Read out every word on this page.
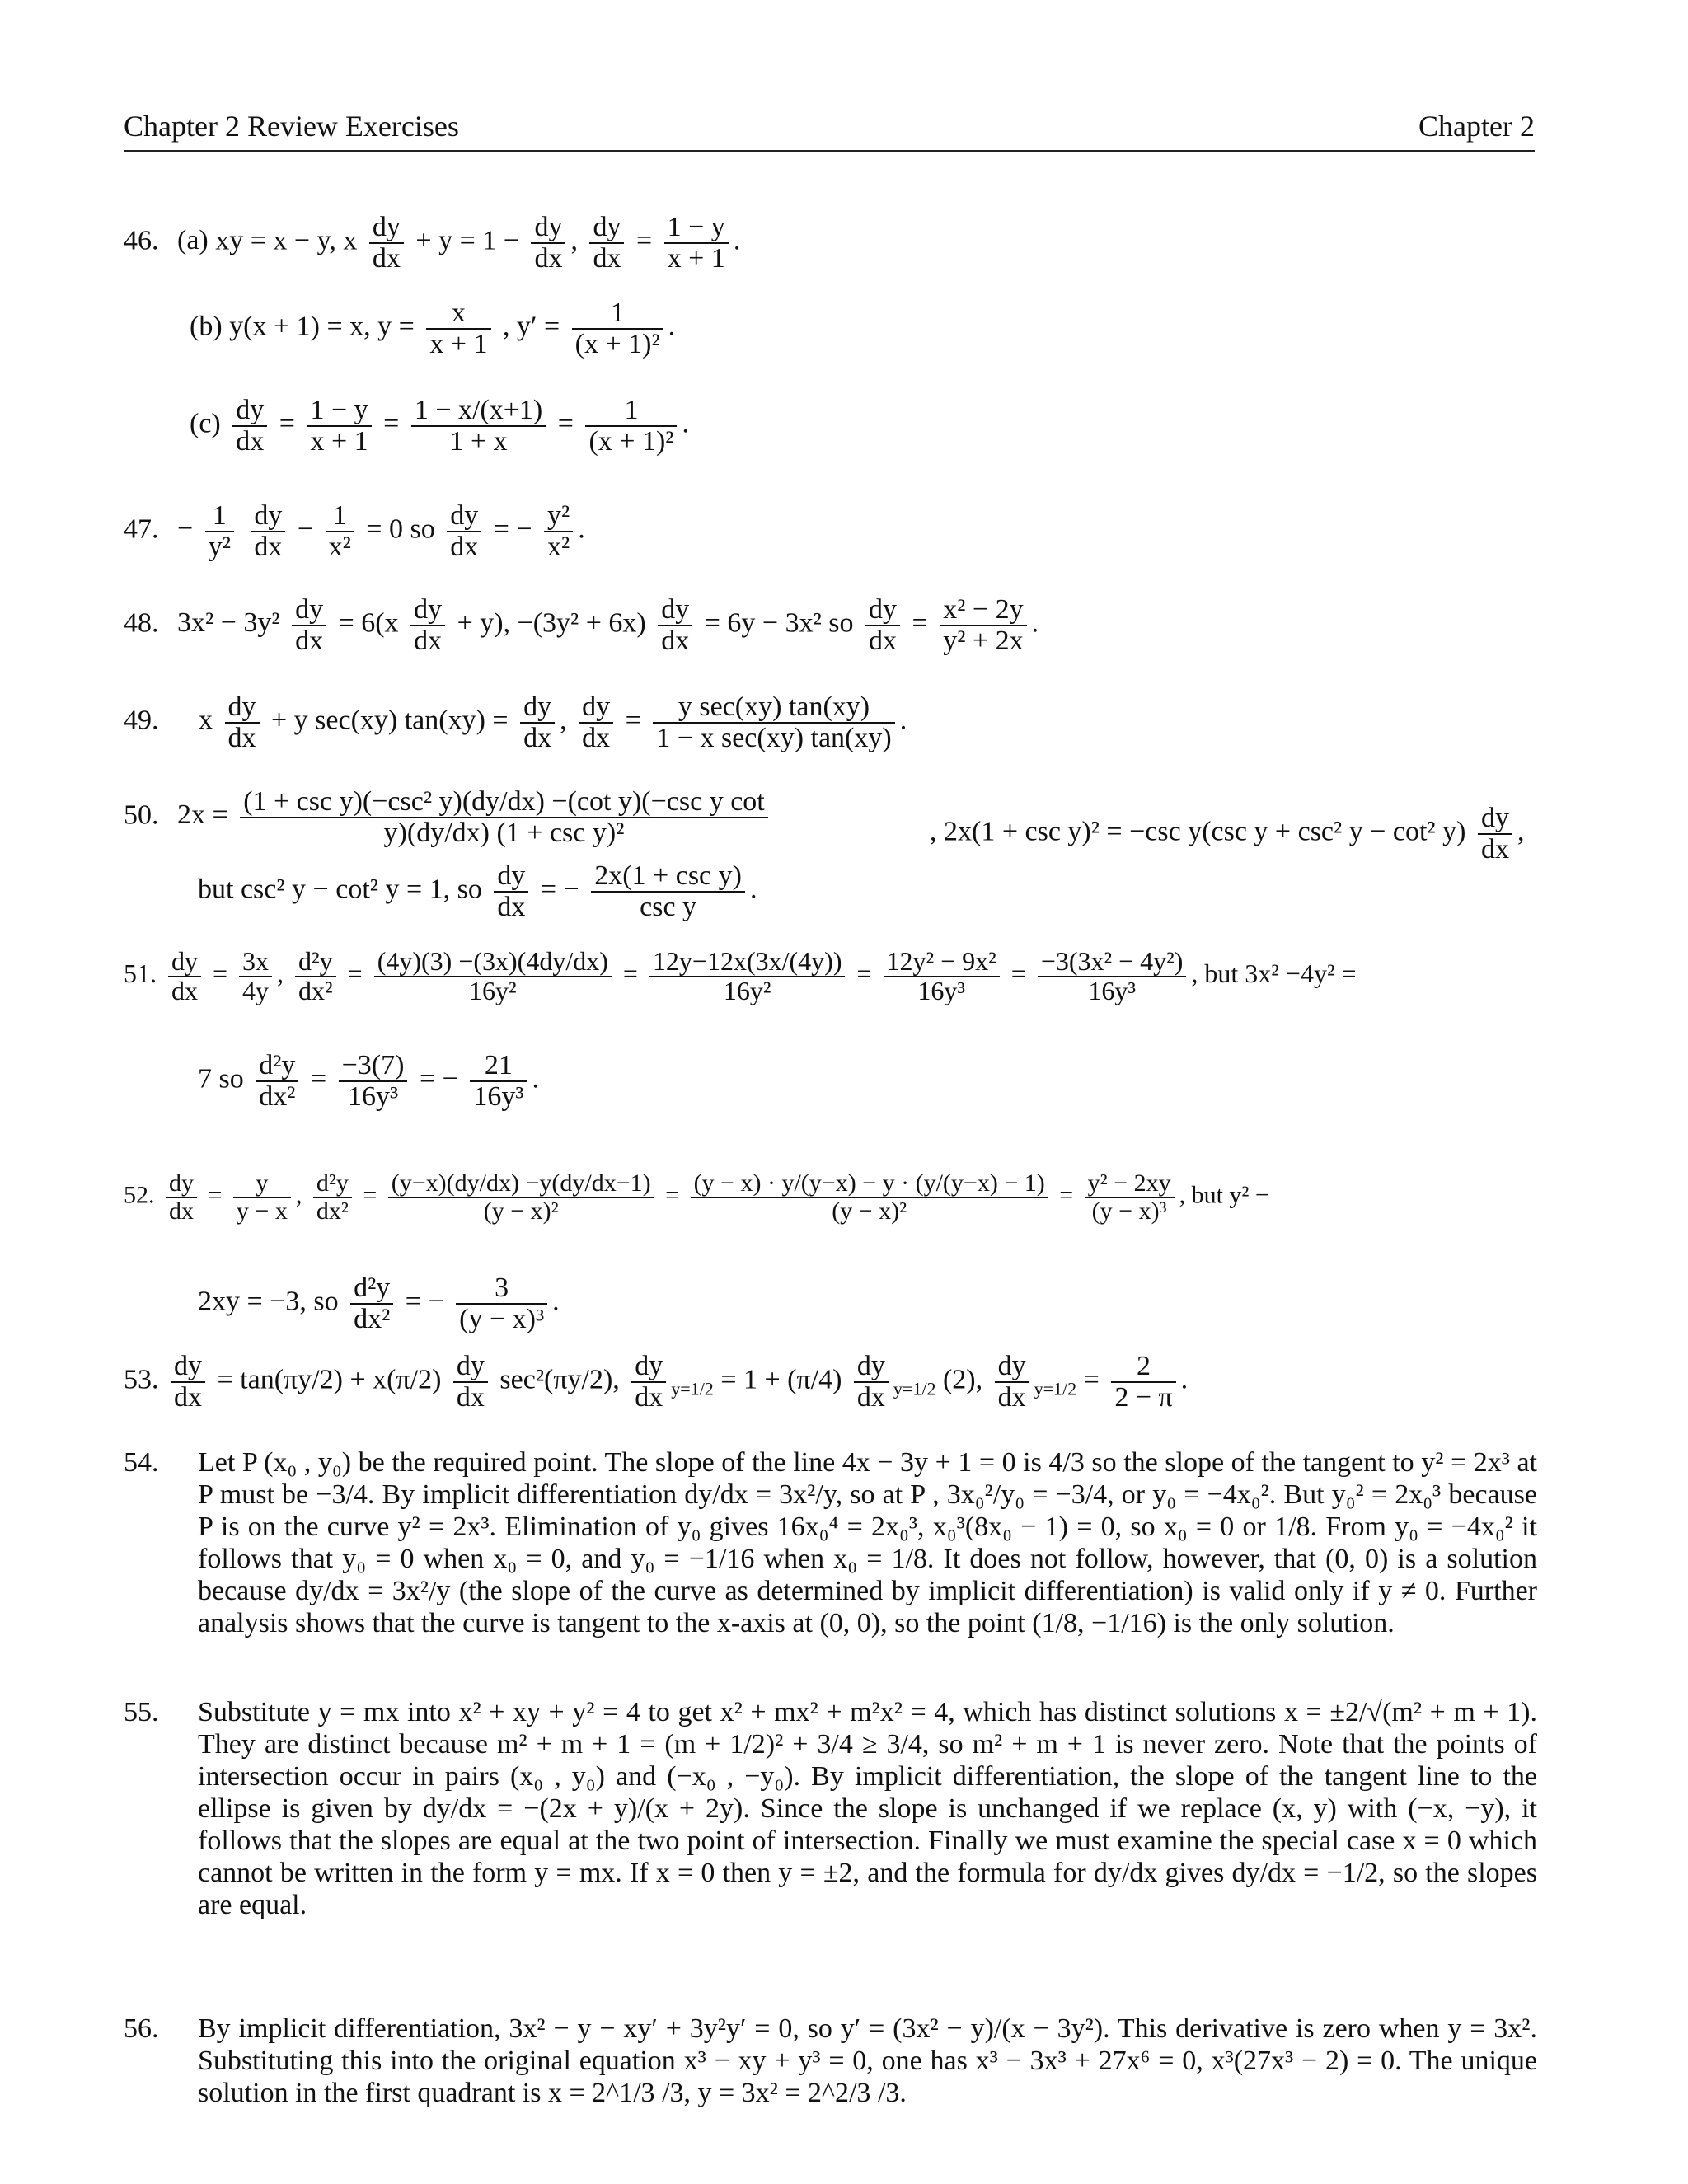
Chapter 2 Review Exercises	Chapter 2
46. (a) xy = x − y, x $\frac{dy}{dx} + y = 1 - \frac{dy}{dx}$ , $\frac{dy}{dx} = \frac{1 - y}{x + 1}$ .
(b) y(x + 1) = x, $y = \frac{x}{x + 1}$ , $y' = \frac{1}{\text{(x + 1)²}}$ .
$(c) \frac{dy}{dx} = \frac{1 - y}{x + 1} = \frac{1 - x/(x+1)}{1 + x} = \frac{1}{\text{(x + 1)²}}$ .
47. − $\frac{1}{\text{y²}}$
$\frac{dy}{dx} - \frac{1}{\text{x²}} = 0$ so $\frac{dy}{dx}$ = − $\frac{\text{y²}}{\text{x²}}$ .
48. $3x^2 - 3y^2 \frac{dy}{dx} = 6(x \frac{dy}{dx} + y)$, $-(3y^2 + 6x) \frac{dy}{dx} = 6y - 3x^2$ so $\frac{dy}{dx} = \frac{\text{x² − 2y}}{\text{y² + 2x}}$ .
49. x $\frac{dy}{dx} + y$ sec(xy) $\tan(xy) = \frac{dy}{dx}$ , $\frac{dy}{dx} = \frac{\text{y sec(xy) tan(xy)}}{\text{1 − x sec(xy) tan(xy)}}$ .
50. $2x = \frac{\text{(1 + csc y)(−csc² y)(dy/dx) −(cot y)(−csc y cot}}{\text{y)(dy/dx) (1 + csc y)²}}$	, 2x(1 + csc y)² = −csc y(csc y + csc² y − cot² $y) \frac{dy}{dx}$ ,
but csc² y − cot² y = 1, so $\frac{dy}{dx}$ = − $\frac{\text{2x(1 + csc y)}}{\text{csc y}}$ .
51. $\frac{dy}{dx} = \frac{3x}{4y}$ , $\frac{\text{d²y}}{\text{dx²}} = \frac{(4y)(3) -(3x)(4dy/dx)}{\text{16y²}} = \frac{12y-12x(3x/(4y))}{\text{16y²}} = \frac{\text{12y² − 9x²}}{\text{16y³}} = \frac{\text{−3(3x² − 4y²)}}{\text{16y³}}$ , but 3x² −4y² =
7 so $\frac{\text{d²y}}{\text{dx²}} = \frac{-3(7)}{\text{16y³}}$ = − $\frac{21}{\text{16y³}}$ .
52. $\frac{dy}{dx} = \frac{y}{y - x}$ , $\frac{\text{d²y}}{\text{dx²}} = \frac{(y-x)(dy/dx) -y(dy/dx-1)}{\text{(y − x)²}} = \frac{(y - x) \cdot y/(y-x) - y \cdot (y/(y-x) - 1)}{\text{(y − x)²}} = \frac{\text{y² − 2xy}}{\text{(y − x)³}}$ , but y² −
2xy = −3, so $\frac{\text{d²y}}{\text{dx²}}$ = − $\frac{3}{\text{(y − x)³}}$ .
53. $\frac{dy}{dx} = \tan(\pi y/2) + x(\pi/2) \frac{dy}{dx} \sec^2(\pi y/2)$, $\frac{dy}{dx} _{y=1/2} = 1 + (\pi/4) \frac{dy}{dx} _{y=1/2}$ (2), $\frac{dy}{dx} _{y=1/2} = \frac{2}{2 - \pi}$ .
54. Let P (x₀ , y₀) be the required point. The slope of the line 4x − 3y + 1 = 0 is 4/3 so the slope of the tangent to y² = 2x³ at P must be −3/4. By implicit differentiation dy/dx = 3x²/y, so at P , 3x₀²/y₀ = −3/4, or y₀ = −4x₀². But y₀² = 2x₀³ because P is on the curve y² = 2x³. Elimination of y₀ gives 16x₀⁴ = 2x₀³, x₀³(8x₀ − 1) = 0, so x₀ = 0 or 1/8. From y₀ = −4x₀² it follows that y₀ = 0 when x₀ = 0, and y₀ = −1/16 when x₀ = 1/8. It does not follow, however, that (0, 0) is a solution because dy/dx = 3x²/y (the slope of the curve as determined by implicit differentiation) is valid only if y ≠ 0. Further analysis shows that the curve is tangent to the x-axis at (0, 0), so the point (1/8, −1/16) is the only solution.
55. Substitute y = mx into x² + xy + y² = 4 to get x² + mx² + m²x² = 4, which has distinct solutions x = ±2/√(m² + m + 1). They are distinct because m² + m + 1 = (m + 1/2)² + 3/4 ≥ 3/4, so m² + m + 1 is never zero. Note that the points of intersection occur in pairs (x₀ , y₀) and (−x₀ , −y₀). By implicit differentiation, the slope of the tangent line to the ellipse is given by dy/dx = −(2x + y)/(x + 2y). Since the slope is unchanged if we replace (x, y) with (−x, −y), it follows that the slopes are equal at the two point of intersection. Finally we must examine the special case x = 0 which cannot be written in the form y = mx. If x = 0 then y = ±2, and the formula for dy/dx gives dy/dx = −1/2, so the slopes are equal.
56. By implicit differentiation, 3x² − y − xy′ + 3y²y′ = 0, so y′ = (3x² − y)/(x − 3y²). This derivative is zero when y = 3x². Substituting this into the original equation x³ − xy + y³ = 0, one has x³ − 3x³ + 27x⁶ = 0, x³(27x³ − 2) = 0. The unique solution in the first quadrant is x = 2^1/3 /3, y = 3x² = 2^2/3 /3.
